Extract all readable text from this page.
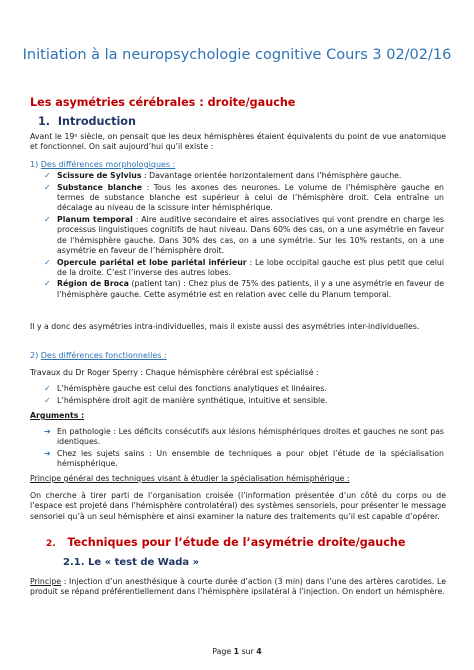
Initiation à la neuropsychologie cognitive Cours 3 02/02/16
Les asymétries cérébrales : droite/gauche
1. Introduction
Avant le 19ᵉ siècle, on pensait que les deux hémisphères étaient équivalents du point de vue anatomique et fonctionnel. On sait aujourd’hui qu’il existe :
1) Des différences morphologiques :
✓ Scissure de Sylvius : Davantage orientée horizontalement dans l’hémisphère gauche.
✓ Substance blanche : Tous les axones des neurones. Le volume de l’hémisphère gauche en termes de substance blanche est supérieur à celui de l’hémisphère droit. Cela entraîne un décalage au niveau de la scissure inter hémisphérique.
✓ Planum temporal : Aire auditive secondaire et aires associatives qui vont prendre en charge les processus linguistiques cognitifs de haut niveau. Dans 60% des cas, on a une asymétrie en faveur de l’hémisphère gauche. Dans 30% des cas, on a une symétrie. Sur les 10% restants, on a une asymétrie en faveur de l’hémisphère droit.
✓ Opercule pariétal et lobe pariétal inférieur : Le lobe occipital gauche est plus petit que celui de la droite. C’est l’inverse des autres lobes.
✓ Région de Broca (patient tan) : Chez plus de 75% des patients, il y a une asymétrie en faveur de l’hémisphère gauche. Cette asymétrie est en relation avec celle du Planum temporal.
Il y a donc des asymétries intra-individuelles, mais il existe aussi des asymétries inter-individuelles.
2) Des différences fonctionnelles :
Travaux du Dr Roger Sperry : Chaque hémisphère cérébral est spécialisé :
✓ L’hémisphère gauche est celui des fonctions analytiques et linéaires.
✓ L’hémisphère droit agit de manière synthétique, intuitive et sensible.
Arguments :
➔ En pathologie : Les déficits consécutifs aux lésions hémisphériques droites et gauches ne sont pas identiques.
➔ Chez les sujets sains : Un ensemble de techniques a pour objet l’étude de la spécialisation hémisphérique.
Principe général des techniques visant à étudier la spécialisation hémisphérique :
On cherche à tirer parti de l’organisation croisée (l’information présentée d’un côté du corps ou de l’espace est projeté dans l’hémisphère controlatéral) des systèmes sensoriels, pour présenter le message sensoriel qu’à un seul hémisphère et ainsi examiner la nature des traitements qu’il est capable d’opérer.
2. Techniques pour l’étude de l’asymétrie droite/gauche
2.1. Le « test de Wada »
Principe : Injection d’un anesthésique à courte durée d’action (3 min) dans l’une des artères carotides. Le produit se répand préférentiellement dans l’hémisphère ipsilatéral à l’injection. On endort un hémisphère.
Page 1 sur 4
